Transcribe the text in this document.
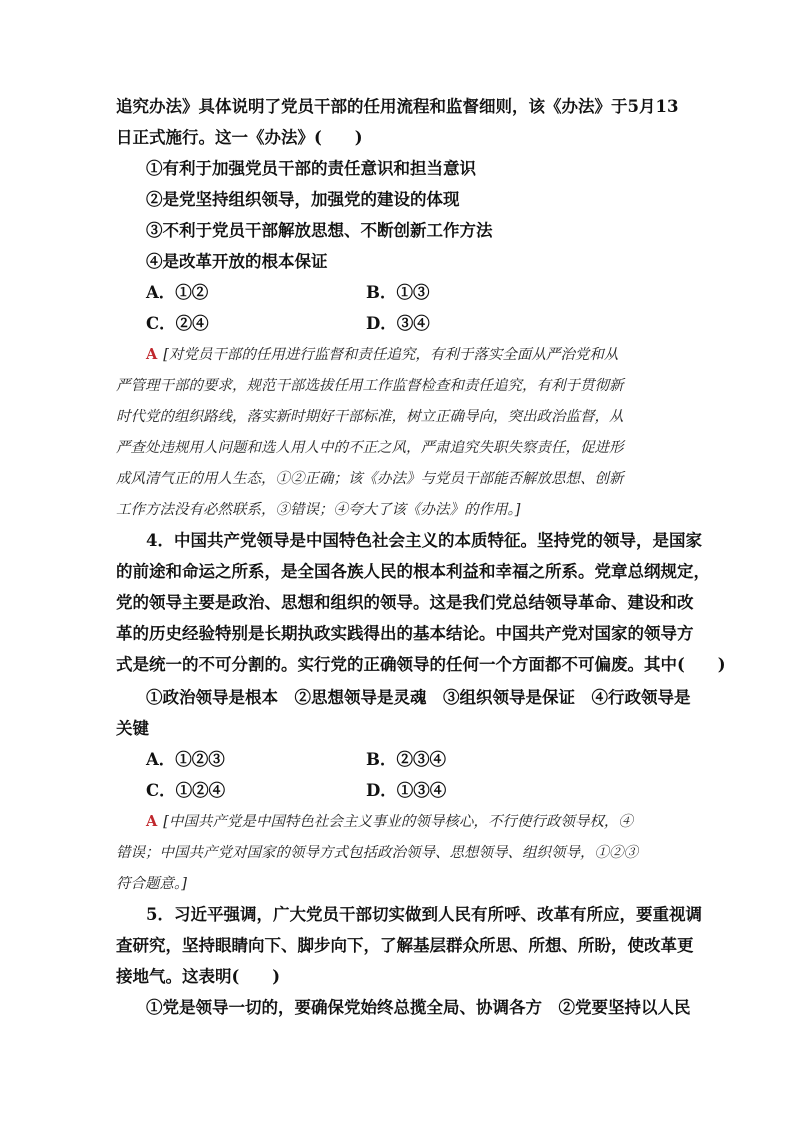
追究办法》具体说明了党员干部的任用流程和监督细则，该《办法》于5月13
日正式施行。这一《办法》(　　)
①有利于加强党员干部的责任意识和担当意识
②是党坚持组织领导，加强党的建设的体现
③不利于党员干部解放思想、不断创新工作方法
④是改革开放的根本保证
A．①②	B．①③
C．②④	D．③④
A [对党员干部的任用进行监督和责任追究，有利于落实全面从严治党和从
严管理干部的要求，规范干部选拔任用工作监督检查和责任追究，有利于贯彻新
时代党的组织路线，落实新时期好干部标准，树立正确导向，突出政治监督，从
严查处违规用人问题和选人用人中的不正之风，严肃追究失职失察责任，促进形
成风清气正的用人生态，①②正确；该《办法》与党员干部能否解放思想、创新
工作方法没有必然联系，③错误；④夸大了该《办法》的作用。]
4．中国共产党领导是中国特色社会主义的本质特征。坚持党的领导，是国家
的前途和命运之所系，是全国各族人民的根本利益和幸福之所系。党章总纲规定，
党的领导主要是政治、思想和组织的领导。这是我们党总结领导革命、建设和改
革的历史经验特别是长期执政实践得出的基本结论。中国共产党对国家的领导方
式是统一的不可分割的。实行党的正确领导的任何一个方面都不可偏废。其中(　　)
①政治领导是根本　②思想领导是灵魂　③组织领导是保证　④行政领导是
关键
A．①②③	B．②③④
C．①②④	D．①③④
A [中国共产党是中国特色社会主义事业的领导核心，不行使行政领导权，④
错误；中国共产党对国家的领导方式包括政治领导、思想领导、组织领导，①②③
符合题意。]
5．习近平强调，广大党员干部切实做到人民有所呼、改革有所应，要重视调
查研究，坚持眼睛向下、脚步向下，了解基层群众所思、所想、所盼，使改革更
接地气。这表明(　　)
①党是领导一切的，要确保党始终总揽全局、协调各方　②党要坚持以人民
